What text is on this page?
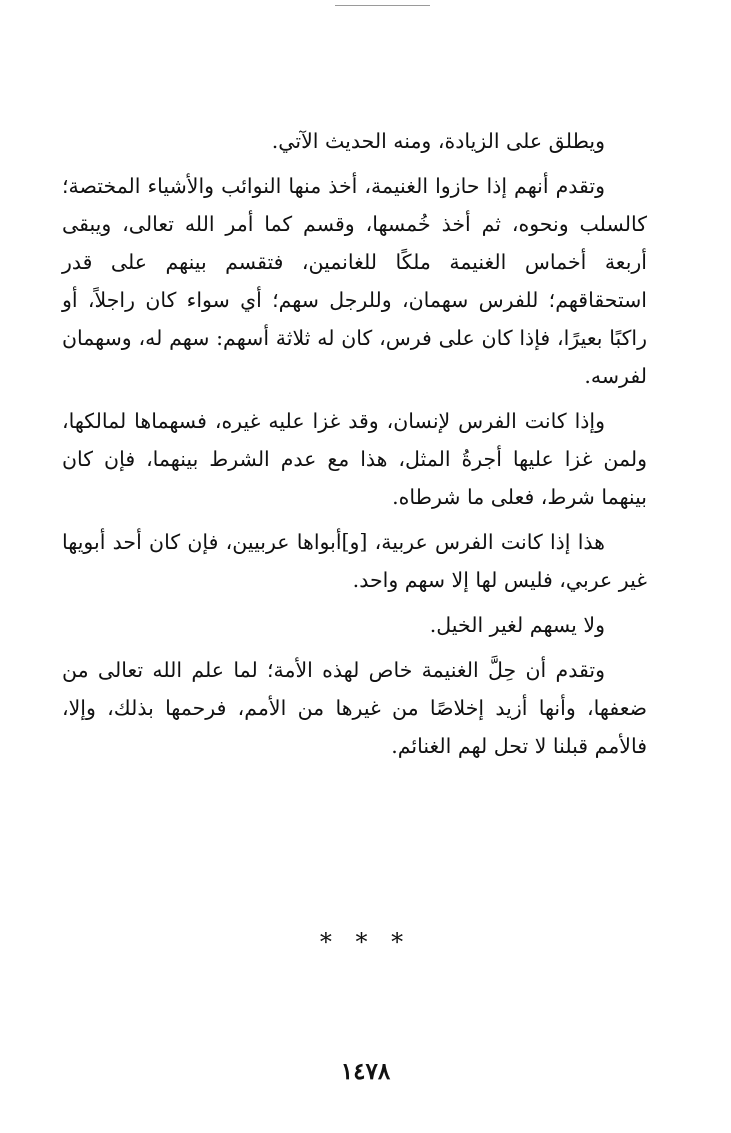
ويطلق على الزيادة، ومنه الحديث الآتي.

وتقدم أنهم إذا حازوا الغنيمة، أخذ منها النوائب والأشياء المختصة؛ كالسلب ونحوه، ثم أخذ خُمسها، وقسم كما أمر الله تعالى، ويبقى أربعة أخماس الغنيمة ملكًا للغانمين، فتقسم بينهم على قدر استحقاقهم؛ للفرس سهمان، وللرجل سهم؛ أي سواء كان راجلاً، أو راكبًا بعيرًا، فإذا كان على فرس، كان له ثلاثة أسهم: سهم له، وسهمان لفرسه.

وإذا كانت الفرس لإنسان، وقد غزا عليه غيره، فسهماها لمالكها، ولمن غزا عليها أجرةُ المثل، هذا مع عدم الشرط بينهما، فإن كان بينهما شرط، فعلى ما شرطاه.

هذا إذا كانت الفرس عربية، [و]أبواها عربيين، فإن كان أحد أبويها غير عربي، فليس لها إلا سهم واحد.

ولا يسهم لغير الخيل.

وتقدم أن حِلَّ الغنيمة خاص لهذه الأمة؛ لما علم الله تعالى من ضعفها، وأنها أزيد إخلاصًا من غيرها من الأمم، فرحمها بذلك، وإلا، فالأمم قبلنا لا تحل لهم الغنائم.

* * *
١٤٧٨
